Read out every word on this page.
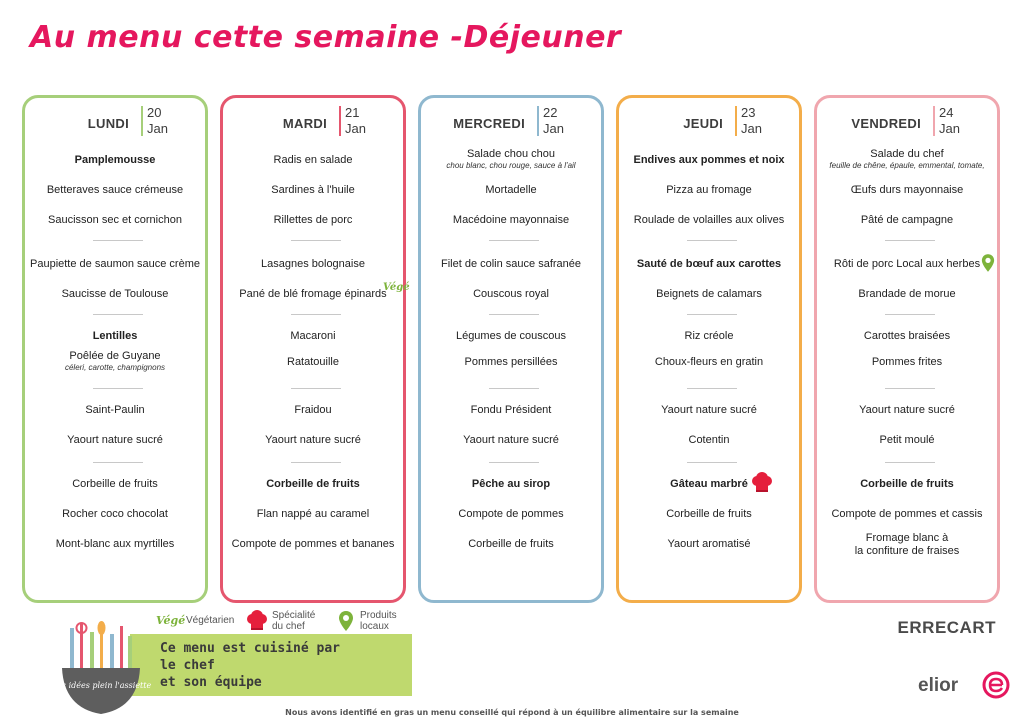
Au menu cette semaine -Déjeuner
LUNDI
20
Jan
Pamplemousse
Betteraves sauce crémeuse
Saucisson sec et cornichon
Paupiette de saumon sauce crème
Saucisse de Toulouse
Lentilles
Poêlée de Guyane
céleri, carotte, champignons
Saint-Paulin
Yaourt nature sucré
Corbeille de fruits
Rocher coco chocolat
Mont-blanc aux myrtilles
MARDI
21
Jan
Radis en salade
Sardines à l'huile
Rillettes de porc
Lasagnes bolognaise
Pané de blé fromage épinards
Végé
Macaroni
Ratatouille
Fraidou
Yaourt nature sucré
Corbeille de fruits
Flan nappé au caramel
Compote de pommes et bananes
MERCREDI
22
Jan
Salade chou chou
chou blanc, chou rouge, sauce à l'ail
Mortadelle
Macédoine mayonnaise
Filet de colin sauce safranée
Couscous royal
Légumes de couscous
Pommes persillées
Fondu Président
Yaourt nature sucré
Pêche au sirop
Compote de pommes
Corbeille de fruits
JEUDI
23
Jan
Endives aux pommes et noix
Pizza au fromage
Roulade de volailles aux olives
Sauté de bœuf aux carottes
Beignets de calamars
Riz créole
Choux-fleurs en gratin
Yaourt nature sucré
Cotentin
Gâteau marbré
Corbeille de fruits
Yaourt aromatisé
VENDREDI
24
Jan
Salade du chef
feuille de chêne, épaule, emmental, tomate,
Œufs durs mayonnaise
Pâté de campagne
Rôti de porc Local aux herbes
Brandade de morue
Carottes braisées
Pommes frites
Yaourt nature sucré
Petit moulé
Corbeille de fruits
Compote de pommes et cassis
Fromage blanc à
la confiture de fraises
Végé Végétarien	Spécialité
du chef
Produits
locaux
Des idées plein l'assiette
Ce menu est cuisiné par
le chef
et son équipe
ERRECART
elior
Nous avons identifié en gras un menu conseillé qui répond à un équilibre alimentaire sur la semaine
